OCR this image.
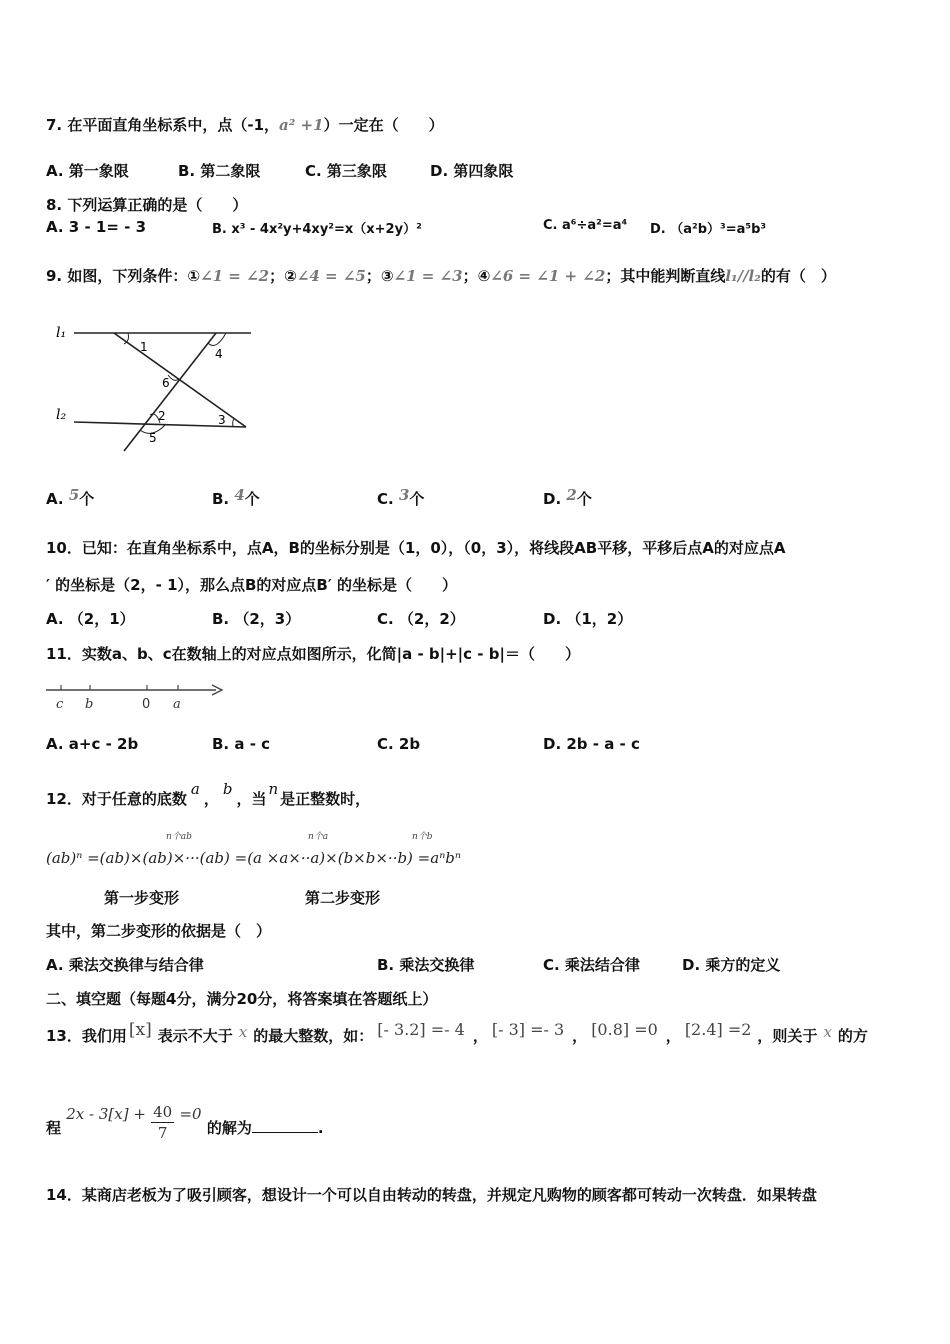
7. 在平面直角坐标系中，点（-1，a² +1）一定在（　　）
A. 第一象限	B. 第二象限	C. 第三象限	D. 第四象限
8. 下列运算正确的是（　　）
A. 3 - 1= - 3	B. x³ - 4x²y+4xy²=x（x+2y）²	C. a⁶÷a²=a⁴ D. （a²b）³=a⁵b³
9. 如图，下列条件：①∠1 = ∠2；②∠4 = ∠5；③∠1 = ∠3；④∠6 = ∠1 + ∠2；其中能判断直线l₁//l₂的有（　）
l₁
l₂
1	4
6
2	3
5
A. 5个	B. 4个	C. 3个	D. 2个
10．已知：在直角坐标系中，点A，B的坐标分别是（1，0），（0，3），将线段AB平移，平移后点A的对应点A
′ 的坐标是（2，- 1），那么点B的对应点B′ 的坐标是（　　）
A. （2，1）	B. （2，3）	C. （2，2）	D. （1，2）
11．实数a、b、c在数轴上的对应点如图所示，化简|a - b|+|c - b|＝（　　）
c b	0 a
A. a+c - 2b	B. a - c	C. 2b	D. 2b - a - c
12．对于任意的底数a，b，当n是正整数时，
n个ab	n个a	n个b
(ab)ⁿ =(ab)×(ab)×···(ab) =(a ×a×··a)×(b×b×··b) =aⁿbⁿ
第一步变形	第二步变形
其中，第二步变形的依据是（　）
A. 乘法交换律与结合律	B. 乘法交换律	C. 乘法结合律	D. 乘方的定义
二、填空题（每题4分，满分20分，将答案填在答题纸上）
13．我们用 [x] 表示不大于 x 的最大整数，如： [- 3.2] =- 4 ， [- 3] =- 3 ， [0.8] =0 ， [2.4] =2 ，则关于 x 的方
程 $2x - 3[x] + \frac{40}{7} =0$ 的解为	.
14．某商店老板为了吸引顾客，想设计一个可以自由转动的转盘，并规定凡购物的顾客都可转动一次转盘．如果转盘
